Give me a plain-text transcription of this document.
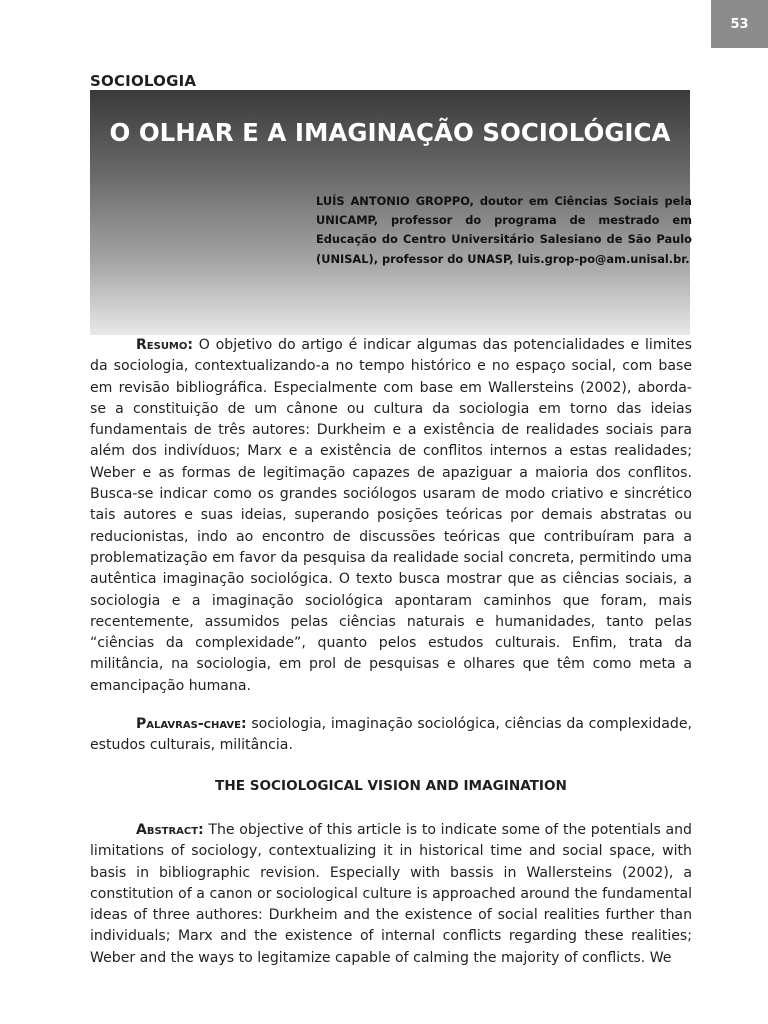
53
SOCIOLOGIA
O OLHAR E A IMAGINAÇÃO SOCIOLÓGICA

LUÍS ANTONIO GROPPO, doutor em Ciências Sociais pela UNICAMP, professor do programa de mestrado em Educação do Centro Universitário Salesiano de São Paulo (UNISAL), professor do UNASP, luis.grop-po@am.unisal.br.

Resumo: O objetivo do artigo é indicar algumas das potencialidades e limites da sociologia, contextualizando-a no tempo histórico e no espaço social, com base em revisão bibliográfica. Especialmente com base em Wallersteins (2002), aborda-se a constituição de um cânone ou cultura da sociologia em torno das ideias fundamentais de três autores: Durkheim e a existência de realidades sociais para além dos indivíduos; Marx e a existência de conflitos internos a estas realidades; Weber e as formas de legitimação capazes de apaziguar a maioria dos conflitos. Busca-se indicar como os grandes sociólogos usaram de modo criativo e sincrético tais autores e suas ideias, superando posições teóricas por demais abstratas ou reducionistas, indo ao encontro de discussões teóricas que contribuíram para a problematização em favor da pesquisa da realidade social concreta, permitindo uma autêntica imaginação sociológica. O texto busca mostrar que as ciências sociais, a sociologia e a imaginação sociológica apontaram caminhos que foram, mais recentemente, assumidos pelas ciências naturais e humanidades, tanto pelas “ciências da complexidade”, quanto pelos estudos culturais. Enfim, trata da militância, na sociologia, em prol de pesquisas e olhares que têm como meta a emancipação humana.

Palavras-chave: sociologia, imaginação sociológica, ciências da complexidade, estudos culturais, militância.

THE SOCIOLOGICAL VISION AND IMAGINATION

Abstract: The objective of this article is to indicate some of the potentials and limitations of sociology, contextualizing it in historical time and social space, with basis in bibliographic revision. Especially with bassis in Wallersteins (2002), a constitution of a canon or sociological culture is approached around the fundamental ideas of three authores: Durkheim and the existence of social realities further than individuals; Marx and the existence of internal conflicts regarding these realities; Weber and the ways to legitamize capable of calming the majority of conflicts. We
